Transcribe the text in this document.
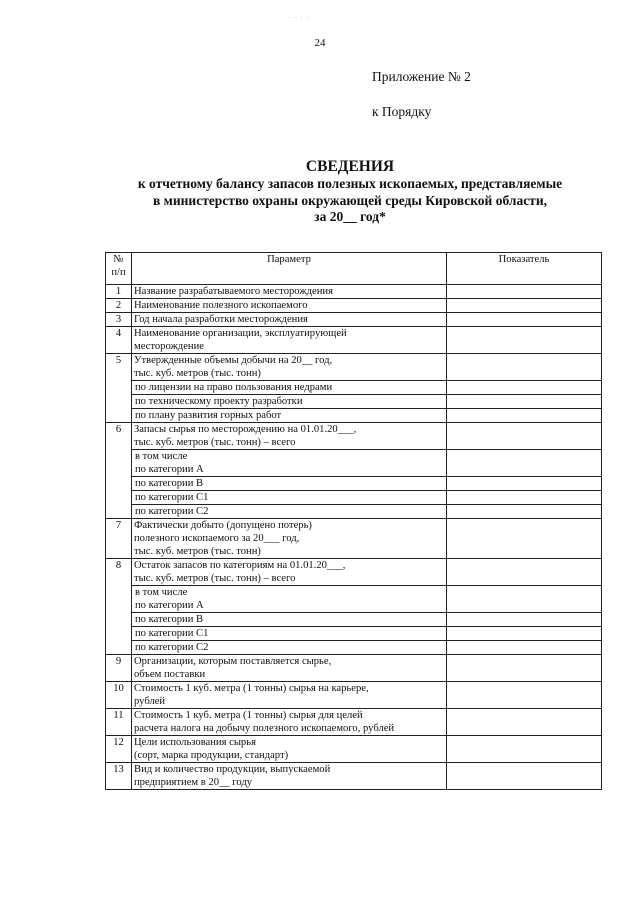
· · · ·
24
Приложение № 2
к Порядку
СВЕДЕНИЯ
к отчетному балансу запасов полезных ископаемых, представляемые
в министерство охраны окружающей среды Кировской области,
за 20__ год*
№ п/п	Параметр	Показатель
1	Название разрабатываемого месторождения	

2	Наименование полезного ископаемого	

3	Год начала разработки месторождения	

4	Наименование организации, эксплуатирующей
месторождение	

5	Утвержденные объемы добычи на 20__ год,
тыс. куб. метров (тыс. тонн)	

	по лицензии на право пользования недрами	

	по техническому проекту разработки	

	по плану развития горных работ	

6	Запасы сырья по месторождению на 01.01.20___,
тыс. куб. метров (тыс. тонн) – всего	

	в том числе
по категории А	

	по категории В	

	по категории С1	

	по категории С2	

7	Фактически добыто (допущено потерь)
полезного ископаемого за 20___ год,
тыс. куб. метров (тыс. тонн)	

8	Остаток запасов по категориям на 01.01.20___,
тыс. куб. метров (тыс. тонн) – всего	

	в том числе
по категории А	

	по категории В	

	по категории С1	

	по категории С2	

9	Организации, которым поставляется сырье,
объем поставки	

10	Стоимость 1 куб. метра (1 тонны) сырья на карьере,
рублей	

11	Стоимость 1 куб. метра (1 тонны) сырья для целей
расчета налога на добычу полезного ископаемого, рублей	

12	Цели использования сырья
(сорт, марка продукции, стандарт)	

13	Вид и количество продукции, выпускаемой
предприятием в 20__ году	
